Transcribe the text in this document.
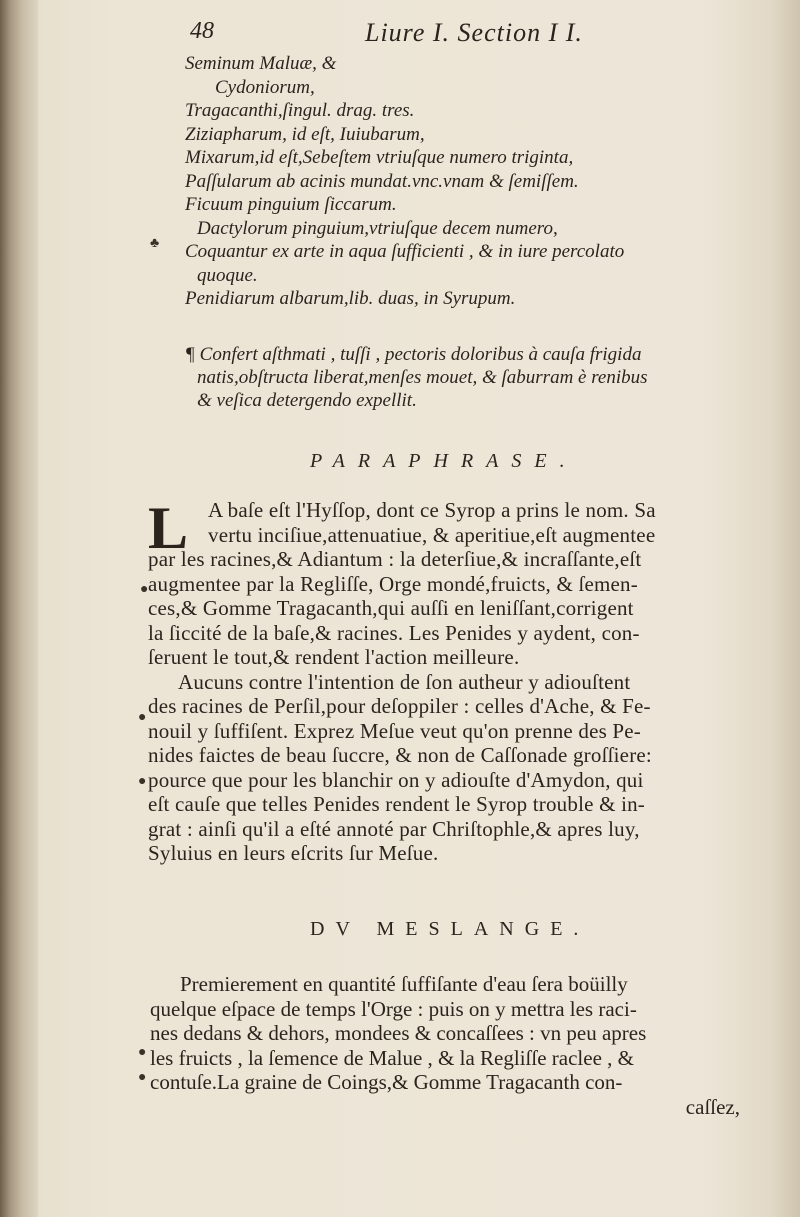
48	Liure I. Section I I.
Seminum Maluæ, &
Cydoniorum,
Tragacanthi,ſingul. drag. tres.
Ziziapharum, id eſt, Iuiubarum,
Mixarum,id eſt,Sebeſtem vtriuſque numero triginta,
Paſſularum ab acinis mundat.vnc.vnam & ſemiſſem.
Ficuum pinguium ſiccarum.
Dactylorum pinguium,vtriuſque decem numero,
Coquantur ex arte in aqua ſufficienti , & in iure percolato
quoque.
Penidiarum albarum,lib. duas, in Syrupum.
¶ Confert aſthmati , tuſſi , pectoris doloribus à cauſa frigida
natis,obſtructa liberat,menſes mouet, & ſaburram è renibus
& veſica detergendo expellit.
PARAPHRASE.
L A baſe eſt l'Hyſſop, dont ce Syrop a prins le nom. Sa
vertu inciſiue,attenuatiue, & aperitiue,eſt augmentee
par les racines,& Adiantum : la deterſiue,& incraſſante,eſt
augmentee par la Regliſſe, Orge mondé,fruicts, & ſemen-
ces,& Gomme Tragacanth,qui auſſi en leniſſant,corrigent
la ſiccité de la baſe,& racines. Les Penides y aydent, con-
ſeruent le tout,& rendent l'action meilleure.
Aucuns contre l'intention de ſon autheur y adiouſtent
des racines de Perſil,pour deſoppiler : celles d'Ache, & Fe-
nouil y ſuffiſent. Exprez Meſue veut qu'on prenne des Pe-
nides faictes de beau ſuccre, & non de Caſſonade groſſiere:
pource que pour les blanchir on y adiouſte d'Amydon, qui
eſt cauſe que telles Penides rendent le Syrop trouble & in-
grat : ainſi qu'il a eſté annoté par Chriſtophle,& apres luy,
Syluius en leurs eſcrits ſur Meſue.
DV MESLANGE.
Premierement en quantité ſuffiſante d'eau ſera boüilly
quelque eſpace de temps l'Orge : puis on y mettra les raci-
nes dedans & dehors, mondees & concaſſees : vn peu apres
les fruicts , la ſemence de Malue , & la Regliſſe raclee , &
contuſe.La graine de Coings,& Gomme Tragacanth con-
caſſez,
♣
●
●
●
●
●
